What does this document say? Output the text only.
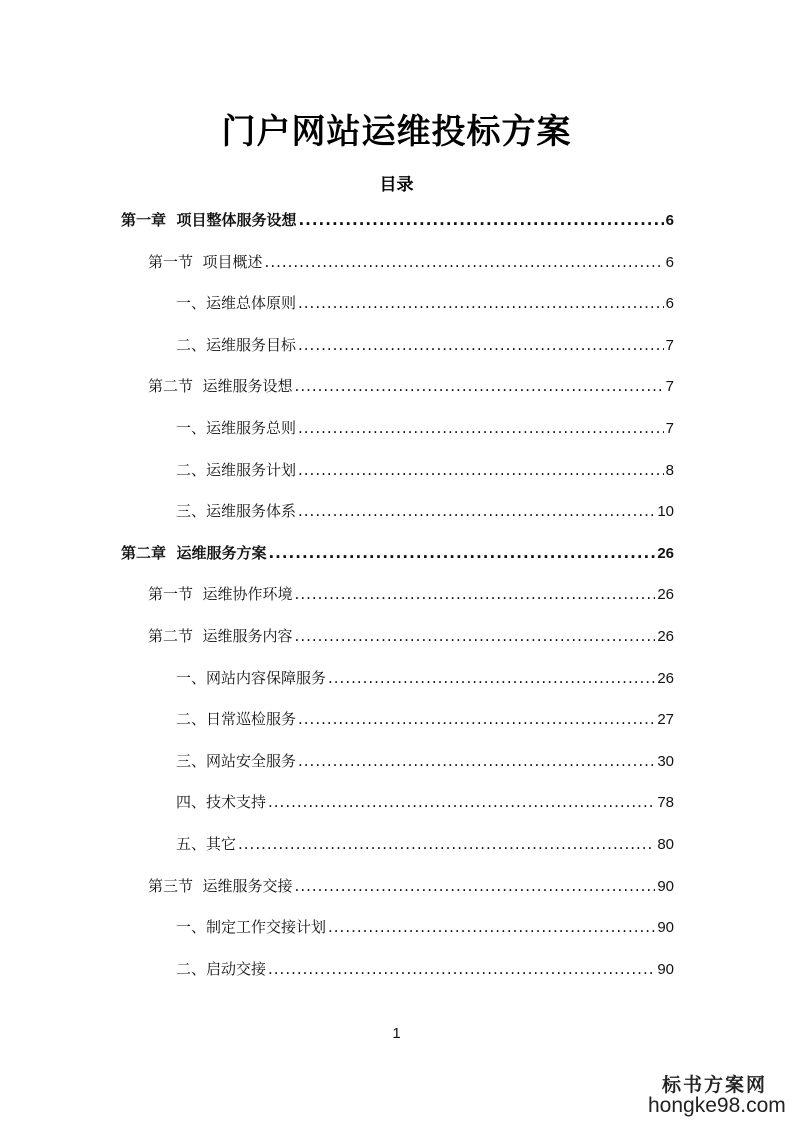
门户网站运维投标方案
目录
第一章  项目整体服务设想 .....	6
第一节  项目概述 .....	6
一、运维总体原则 .....	6
二、运维服务目标 .....	7
第二节  运维服务设想 .....	7
一、运维服务总则 .....	7
二、运维服务计划 .....	8
三、运维服务体系 .....	10
第二章  运维服务方案 .....	26
第一节  运维协作环境 .....	26
第二节  运维服务内容 .....	26
一、网站内容保障服务 .....	26
二、日常巡检服务 .....	27
三、网站安全服务 .....	30
四、技术支持 .....	78
五、其它 .....	80
第三节  运维服务交接 .....	90
一、制定工作交接计划 .....	90
二、启动交接 .....	90
1
标书方案网
hongke98.com
